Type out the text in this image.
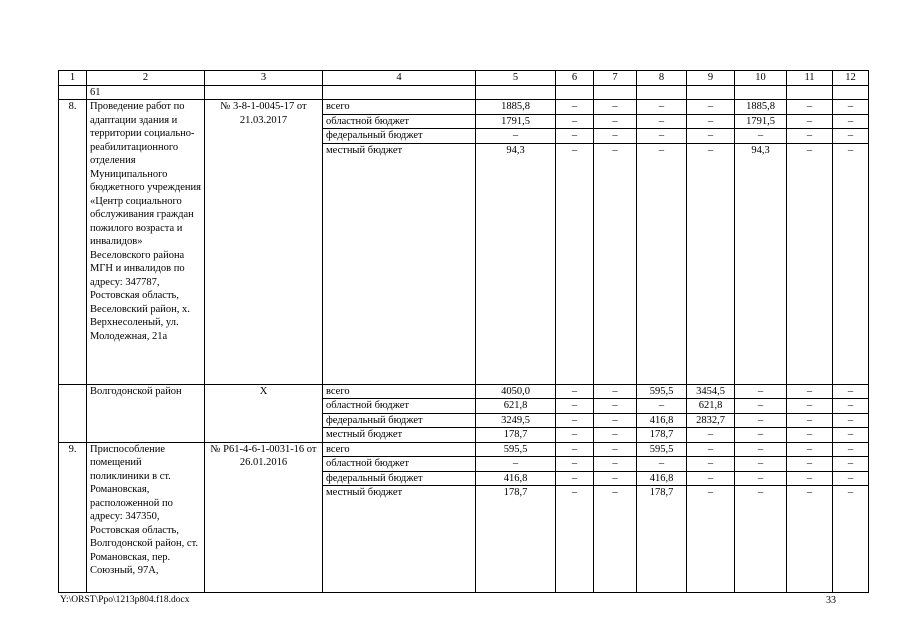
1	2	3	4	5	6	7	8	9	10	11	12
	61										
8.	Проведение работ по адаптации здания и территории социально-реабилитационного отделения Муниципального бюджетного учреждения «Центр социального обслуживания граждан пожилого возраста и инвалидов» Веселовского района МГН и инвалидов по адресу: 347787, Ростовская область, Веселовский район, х. Верхнесоленый, ул. Молодежная, 21а	№ 3-8-1-0045-17 от 21.03.2017	всего	1885,8	–	–	–	–	1885,8	–	–
			областной бюджет	1791,5	–	–	–	–	1791,5	–	–
			федеральный бюджет	–	–	–	–	–	–	–	–
			местный бюджет	94,3	–	–	–	–	94,3	–	–
	Волгодонской район	Х	всего	4050,0	–	–	595,5	3454,5	–	–	–
			областной бюджет	621,8	–	–	–	621,8	–	–	–
			федеральный бюджет	3249,5	–	–	416,8	2832,7	–	–	–
			местный бюджет	178,7	–	–	178,7	–	–	–	–
9.	Приспособление помещений поликлиники в ст. Романовская, расположенной по адресу: 347350, Ростовская область, Волгодонской район, ст. Романовская, пер. Союзный, 97А,	№ Р61-4-6-1-0031-16 от 26.01.2016	всего	595,5	–	–	595,5	–	–	–	–
			областной бюджет	–	–	–	–	–	–	–	–
			федеральный бюджет	416,8	–	–	416,8	–	–	–	–
			местный бюджет	178,7	–	–	178,7	–	–	–	–
Y:\ORST\Ppo\1213p804.f18.docx	33
